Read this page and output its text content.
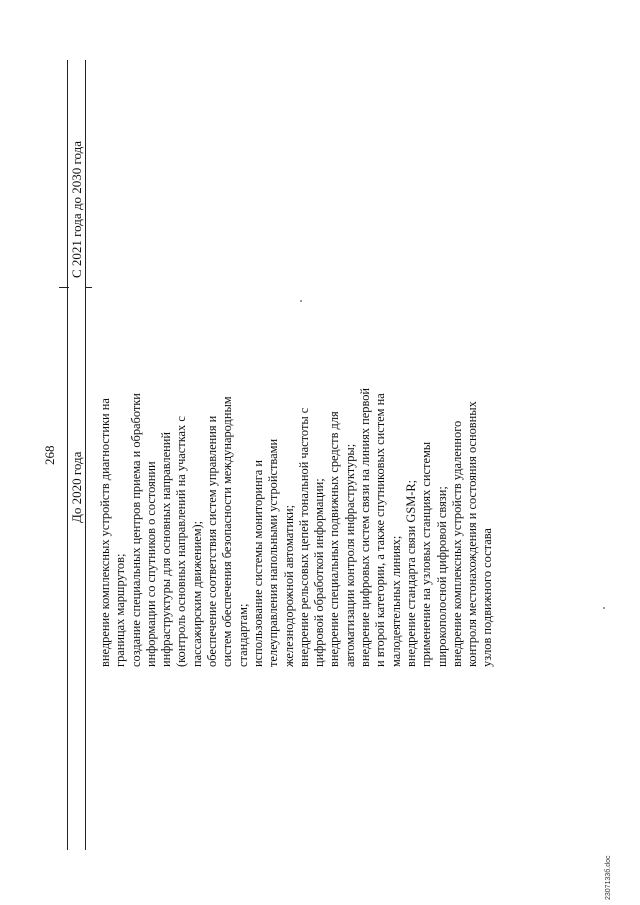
268 До 2020 года
С 2021 года до 2030 года
внедрение комплексных устройств диагностики на границах маршрутов; создание специальных центров приема и обработки информации со спутников о состоянии инфраструктуры для основных направлений (контроль основных направлений на участках с пассажирским движением); обеспечение соответствия систем управления и систем обеспечения безопасности международным стандартам; использование системы мониторинга и телеуправления напольными устройствами железнодорожной автоматики; внедрение рельсовых цепей тональной частоты с цифровой обработкой информации; внедрение специальных подвижных средств для автоматизации контроля инфраструктуры; внедрение цифровых систем связи на линиях первой и второй категории, а также спутниковых систем на малодеятельных линиях; внедрение стандарта связи GSM-R; применение на узловых станциях системы широкополосной цифровой связи; внедрение комплексных устройств удаленного контроля местонахождения и состояния основных узлов подвижного состава
2307133б.doc
